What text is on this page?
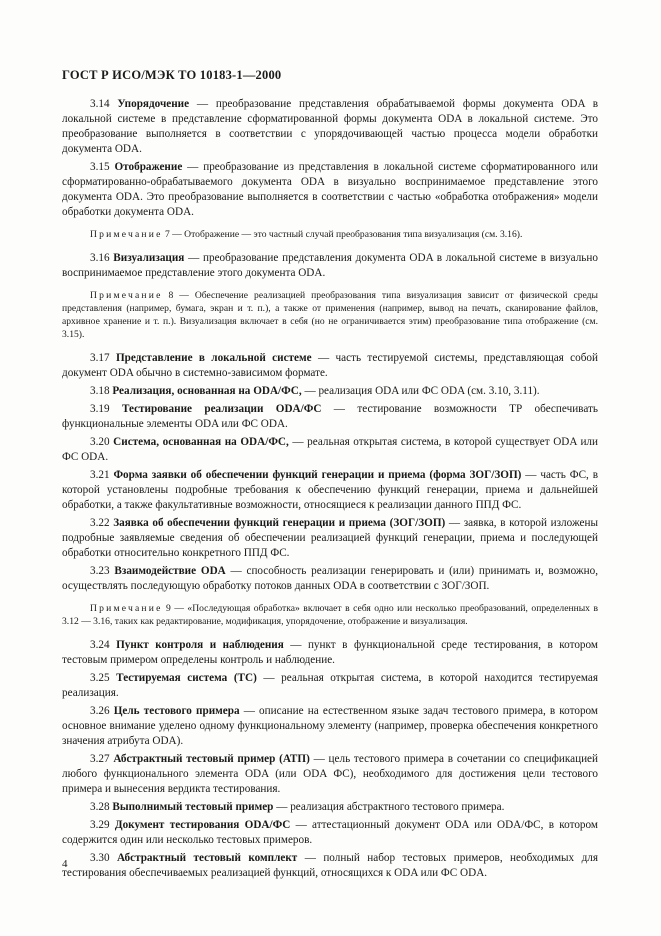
ГОСТ Р ИСО/МЭК ТО 10183-1—2000

3.14 Упорядочение — преобразование представления обрабатываемой формы документа ODA в локальной системе в представление сформатированной формы документа ODA в локальной системе. Это преобразование выполняется в соответствии с упорядочивающей частью процесса модели обработки документа ODA.

3.15 Отображение — преобразование из представления в локальной системе сформатированного или сформатированно-обрабатываемого документа ODA в визуально воспринимаемое представление этого документа ODA. Это преобразование выполняется в соответствии с частью «обработка отображения» модели обработки документа ODA.

Примечание 7 — Отображение — это частный случай преобразования типа визуализация (см. 3.16).

3.16 Визуализация — преобразование представления документа ODA в локальной системе в визуально воспринимаемое представление этого документа ODA.

Примечание 8 — Обеспечение реализацией преобразования типа визуализация зависит от физической среды представления (например, бумага, экран и т. п.), а также от применения (например, вывод на печать, сканирование файлов, архивное хранение и т. п.). Визуализация включает в себя (но не ограничивается этим) преобразование типа отображение (см. 3.15).

3.17 Представление в локальной системе — часть тестируемой системы, представляющая собой документ ODA обычно в системно-зависимом формате.

3.18 Реализация, основанная на ODA/ФС, — реализация ODA или ФС ODA (см. 3.10, 3.11).

3.19 Тестирование реализации ODA/ФС — тестирование возможности ТР обеспечивать функциональные элементы ODA или ФС ODA.

3.20 Система, основанная на ODA/ФС, — реальная открытая система, в которой существует ODA или ФС ODA.

3.21 Форма заявки об обеспечении функций генерации и приема (форма ЗОГ/ЗОП) — часть ФС, в которой установлены подробные требования к обеспечению функций генерации, приема и дальнейшей обработки, а также факультативные возможности, относящиеся к реализации данного ППД ФС.

3.22 Заявка об обеспечении функций генерации и приема (ЗОГ/ЗОП) — заявка, в которой изложены подробные заявляемые сведения об обеспечении реализацией функций генерации, приема и последующей обработки относительно конкретного ППД ФС.

3.23 Взаимодействие ODA — способность реализации генерировать и (или) принимать и, возможно, осуществлять последующую обработку потоков данных ODA в соответствии с ЗОГ/ЗОП.

Примечание 9 — «Последующая обработка» включает в себя одно или несколько преобразований, определенных в 3.12 — 3.16, таких как редактирование, модификация, упорядочение, отображение и визуализация.

3.24 Пункт контроля и наблюдения — пункт в функциональной среде тестирования, в котором тестовым примером определены контроль и наблюдение.

3.25 Тестируемая система (ТС) — реальная открытая система, в которой находится тестируемая реализация.

3.26 Цель тестового примера — описание на естественном языке задач тестового примера, в котором основное внимание уделено одному функциональному элементу (например, проверка обеспечения конкретного значения атрибута ODA).

3.27 Абстрактный тестовый пример (АТП) — цель тестового примера в сочетании со спецификацией любого функционального элемента ODA (или ODA ФС), необходимого для достижения цели тестового примера и вынесения вердикта тестирования.

3.28 Выполнимый тестовый пример — реализация абстрактного тестового примера.

3.29 Документ тестирования ODA/ФС — аттестационный документ ODA или ODA/ФС, в котором содержится один или несколько тестовых примеров.

3.30 Абстрактный тестовый комплект — полный набор тестовых примеров, необходимых для тестирования обеспечиваемых реализацией функций, относящихся к ODA или ФС ODA.

4
